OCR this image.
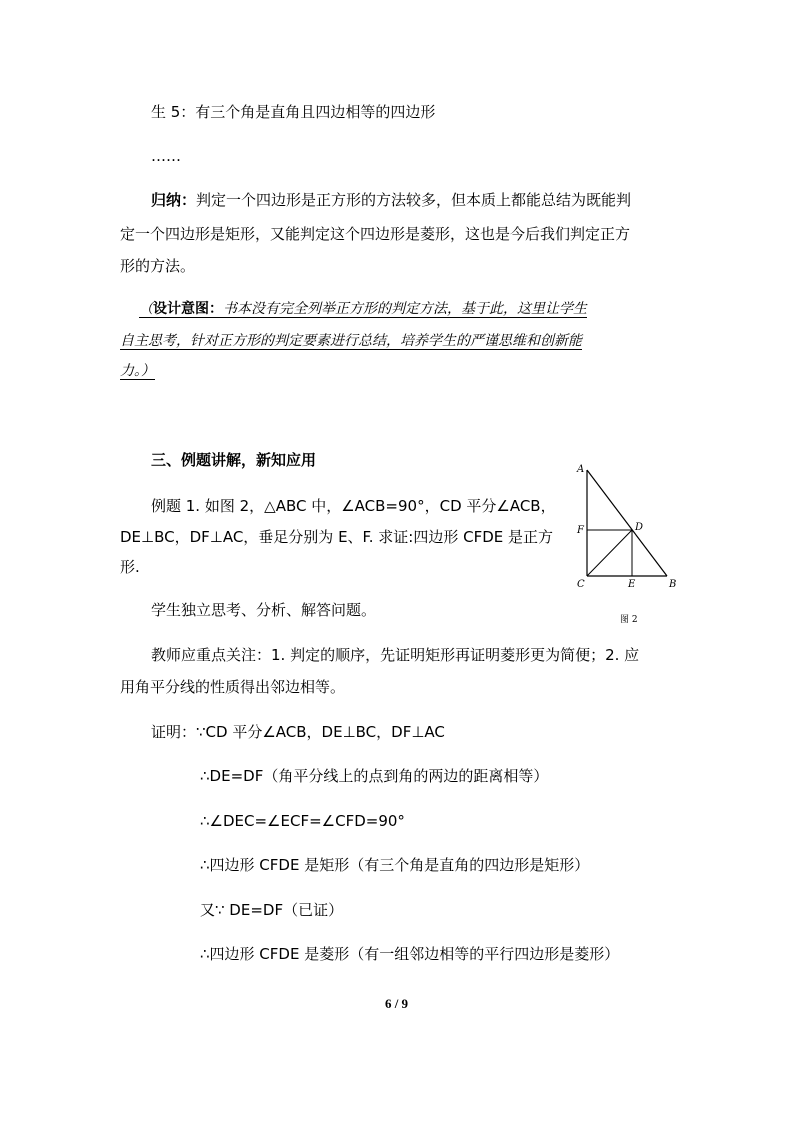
生 5：有三个角是直角且四边相等的四边形
……
归纳：判定一个四边形是正方形的方法较多，但本质上都能总结为既能判
定一个四边形是矩形，又能判定这个四边形是菱形，这也是今后我们判定正方
形的方法。
（设计意图：书本没有完全列举正方形的判定方法，基于此，这里让学生
自主思考，针对正方形的判定要素进行总结，培养学生的严谨思维和创新能
力。）
三、例题讲解，新知应用
例题 1. 如图 2，△ABC 中，∠ACB=90°，CD 平分∠ACB，
DE⊥BC，DF⊥AC，垂足分别为 E、F. 求证:四边形 CFDE 是正方
形.
A
B
C
D
E
F
图 2
学生独立思考、分析、解答问题。
教师应重点关注：1. 判定的顺序，先证明矩形再证明菱形更为简便；2. 应
用角平分线的性质得出邻边相等。
证明：∵CD 平分∠ACB，DE⊥BC，DF⊥AC
∴DE=DF（角平分线上的点到角的两边的距离相等）
∴∠DEC=∠ECF=∠CFD=90°
∴四边形 CFDE 是矩形（有三个角是直角的四边形是矩形）
又∵ DE=DF（已证）
∴四边形 CFDE 是菱形（有一组邻边相等的平行四边形是菱形）
6 / 9
